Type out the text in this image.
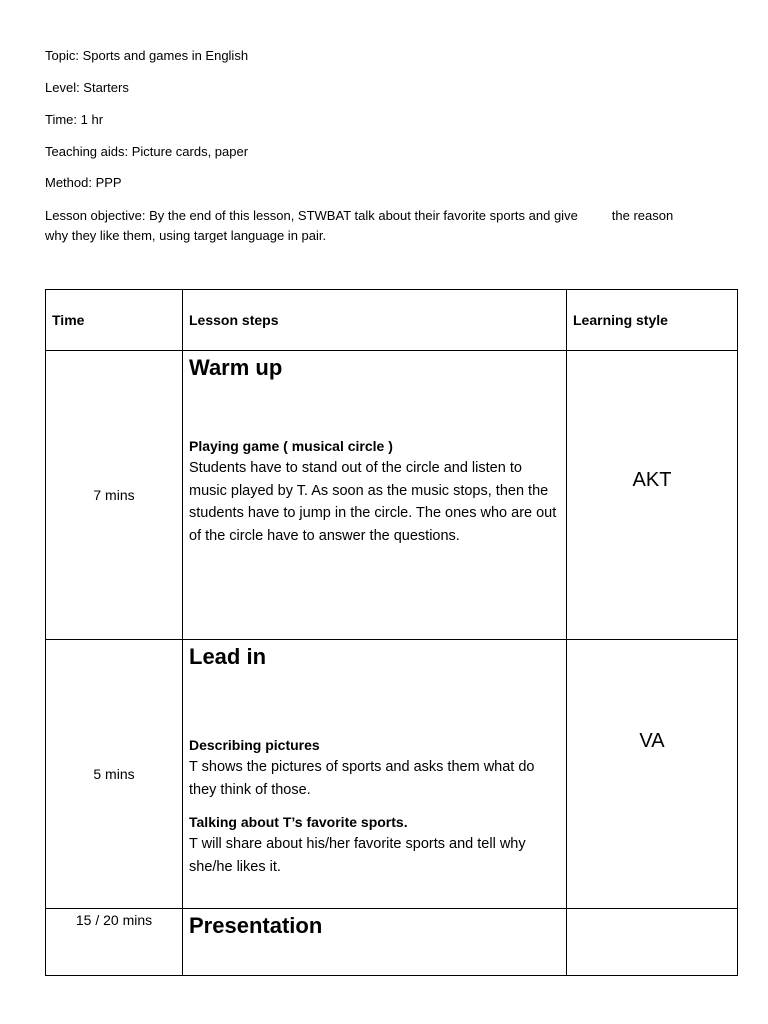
Topic: Sports and games in English
Level: Starters
Time: 1 hr
Teaching aids: Picture cards, paper
Method: PPP
Lesson objective: By the end of this lesson, STWBAT talk about their favorite sports and give	the reason
why they like them, using target language in pair.
Time	Lesson steps	Learning style
7 mins	Warm up
Playing game ( musical circle )
Students have to stand out of the circle and listen to music played by T. As soon as the music stops, then the students have to jump in the circle. The ones who are out of the circle have to answer the questions.	AKT
5 mins	Lead in
Describing pictures
T shows the pictures of sports and asks them what do they think of those.
Talking about T’s favorite sports.
T will share about his/her favorite sports and tell why she/he likes it.	VA
15 / 20 mins	Presentation	
